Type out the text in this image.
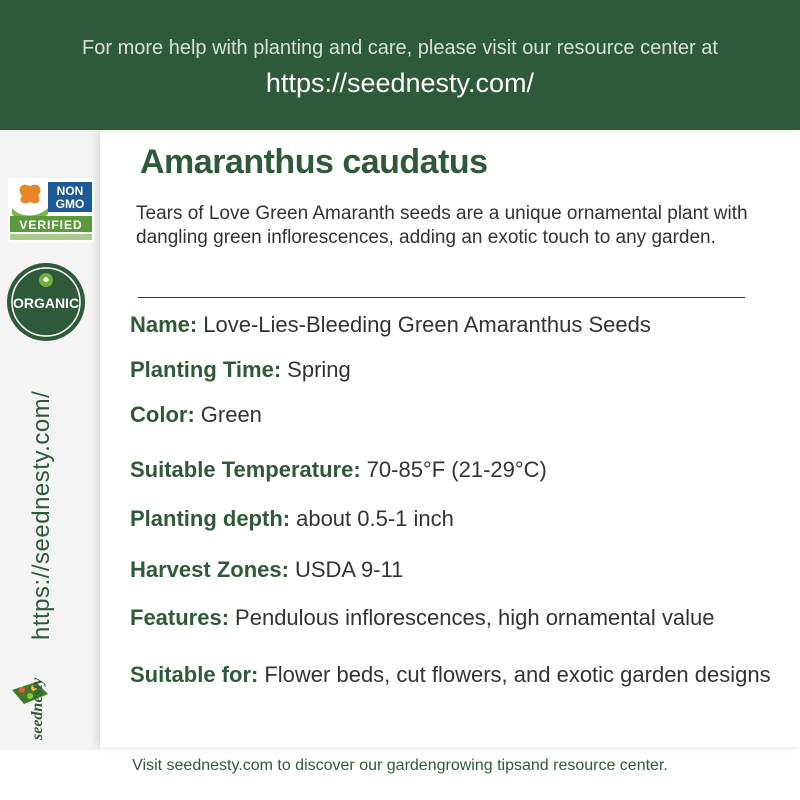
For more help with planting and care, please visit our resource center at
https://seednesty.com/
NON
GMO
VERIFIED
ORGANIC
https://seednesty.com/
seednesty
Amaranthus caudatus
Tears of Love Green Amaranth seeds are a unique ornamental plant with dangling green inflorescences, adding an exotic touch to any garden.
Name: Love-Lies-Bleeding Green Amaranthus Seeds
Planting Time: Spring
Color: Green
Suitable Temperature: 70-85°F (21-29°C)
Planting depth: about 0.5-1 inch
Harvest Zones: USDA 9-11
Features: Pendulous inflorescences, high ornamental value
Suitable for: Flower beds, cut flowers, and exotic garden designs
Visit seednesty.com to discover our gardengrowing tipsand resource center.
